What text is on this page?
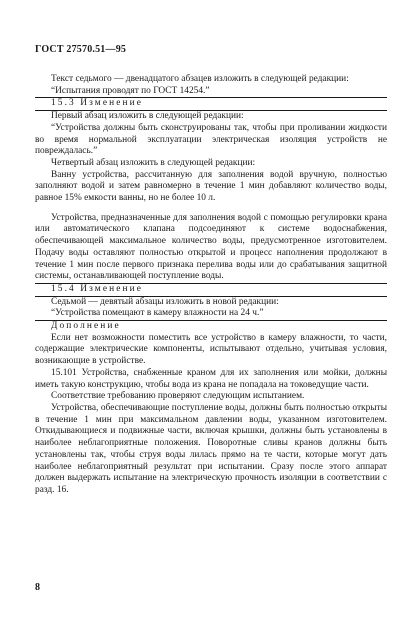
ГОСТ 27570.51—95

Текст седьмого — двенадцатого абзацев изложить в следующей редакции:

“Испытания проводят по ГОСТ 14254.”

15.3 Изменение

Первый абзац изложить в следующей редакции:

“Устройства должны быть сконструированы так, чтобы при проливании жидкости во время нормальной эксплуатации электрическая изоляция устройств не повреждалась.”

Четвертый абзац изложить в следующей редакции:

Ванну устройства, рассчитанную для заполнения водой вручную, полностью заполняют водой и затем равномерно в течение 1 мин добавляют количество воды, равное 15% емкости ванны, но не более 10 л.

Устройства, предназначенные для заполнения водой с помощью регулировки крана или автоматического клапана подсоединяют к системе водоснабжения, обеспечивающей максимальное количество воды, предусмотренное изготовителем. Подачу воды оставляют полностью открытой и процесс наполнения продолжают в течение 1 мин после первого признака перелива воды или до срабатывания защитной системы, останавливающей поступление воды.

15.4 Изменение

Седьмой — девятый абзацы изложить в новой редакции:

“Устройства помещают в камеру влажности на 24 ч.”

Дополнение

Если нет возможности поместить все устройство в камеру влажности, то части, содержащие электрические компоненты, испытывают отдельно, учитывая условия, возникающие в устройстве.

15.101 Устройства, снабженные краном для их заполнения или мойки, должны иметь такую конструкцию, чтобы вода из крана не попадала на токоведущие части.

Соответствие требованию проверяют следующим испытанием.

Устройства, обеспечивающие поступление воды, должны быть полностью открыты в течение 1 мин при максимальном давлении воды, указанном изготовителем. Откидывающиеся и подвижные части, включая крышки, должны быть установлены в наиболее неблагоприятные положения. Поворотные сливы кранов должны быть установлены так, чтобы струя воды лилась прямо на те части, которые могут дать наиболее неблагоприятный результат при испытании. Сразу после этого аппарат должен выдержать испытание на электрическую прочность изоляции в соответствии с разд. 16.

8
